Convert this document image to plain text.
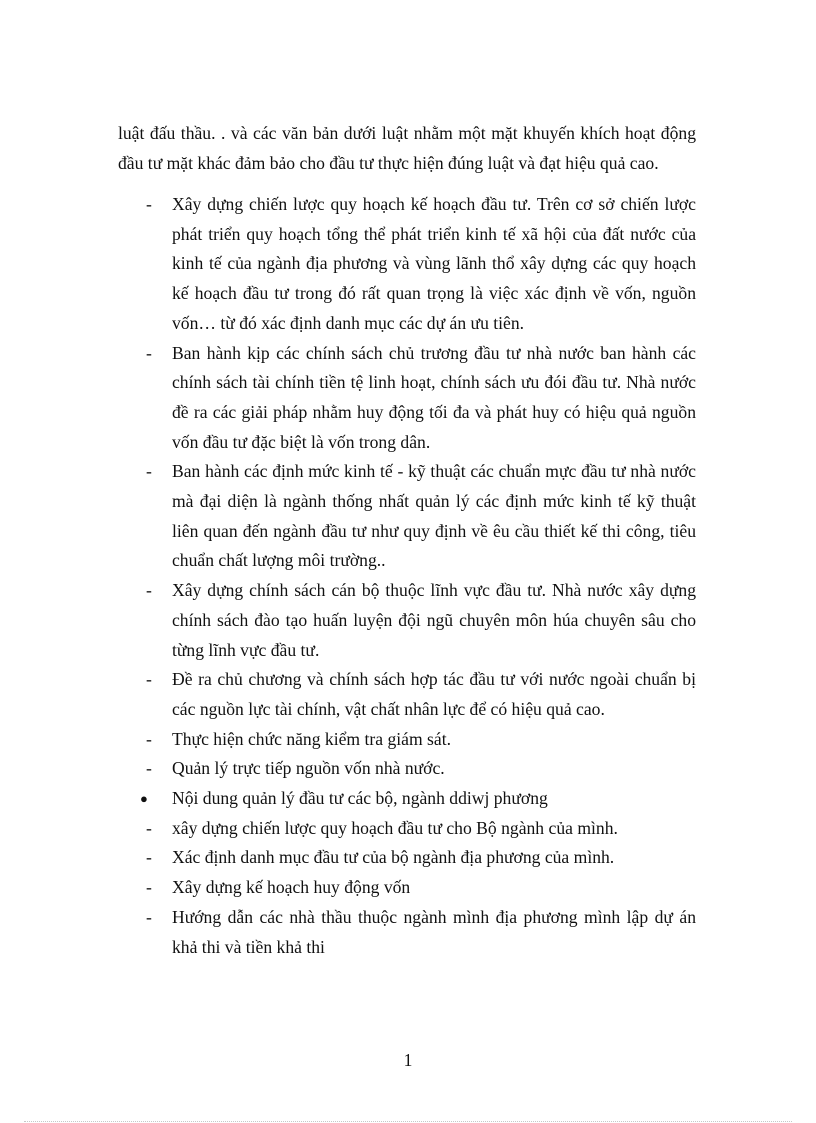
luật đấu thầu. . và các văn bản dưới luật nhằm một mặt khuyến khích hoạt động đầu tư mặt khác đảm bảo cho đầu tư thực hiện đúng luật và đạt hiệu quả cao.

-	Xây dựng chiến lược quy hoạch kế hoạch đầu tư. Trên cơ sở chiến lược phát triển quy hoạch tổng thể phát triển kinh tế xã hội của đất nước của kinh tế của ngành địa phương và vùng lãnh thổ xây dựng các quy hoạch kế hoạch đầu tư trong đó rất quan trọng là việc xác định về vốn, nguồn vốn… từ đó xác định danh mục các dự án ưu tiên.
-	Ban hành kịp các chính sách chủ trương đầu tư nhà nước ban hành các chính sách tài chính tiền tệ linh hoạt, chính sách ưu đói đầu tư. Nhà nước đề ra các giải pháp nhằm huy động tối đa và phát huy có hiệu quả nguồn vốn đầu tư đặc biệt là vốn trong dân.
-	Ban hành các định mức kinh tế - kỹ thuật các chuẩn mực đầu tư nhà nước mà đại diện là ngành thống nhất quản lý các định mức kinh tế kỹ thuật liên quan đến ngành đầu tư như quy định về êu cầu thiết kế thi công, tiêu chuẩn chất lượng môi trường..
-	Xây dựng chính sách cán bộ thuộc lĩnh vực đầu tư. Nhà nước xây dựng chính sách đào tạo huấn luyện đội ngũ chuyên môn húa chuyên sâu cho từng lĩnh vực đầu tư.
-	Đề ra chủ chương và chính sách hợp tác đầu tư với nước ngoài chuẩn bị các nguồn lực tài chính, vật chất nhân lực để có hiệu quả cao.
-	Thực hiện chức năng kiểm tra giám sát.
-	Quản lý trực tiếp nguồn vốn nhà nước.
●	Nội dung quản lý đầu tư các bộ, ngành ddiwj phương
-	xây dựng chiến lược quy hoạch đầu tư cho Bộ ngành của mình.
-	Xác định danh mục đầu tư của bộ ngành địa phương của mình.
-	Xây dựng kế hoạch huy động vốn
-	Hướng dẫn các nhà thầu thuộc ngành mình địa phương mình lập dự án khả thi và tiền khả thi
1
